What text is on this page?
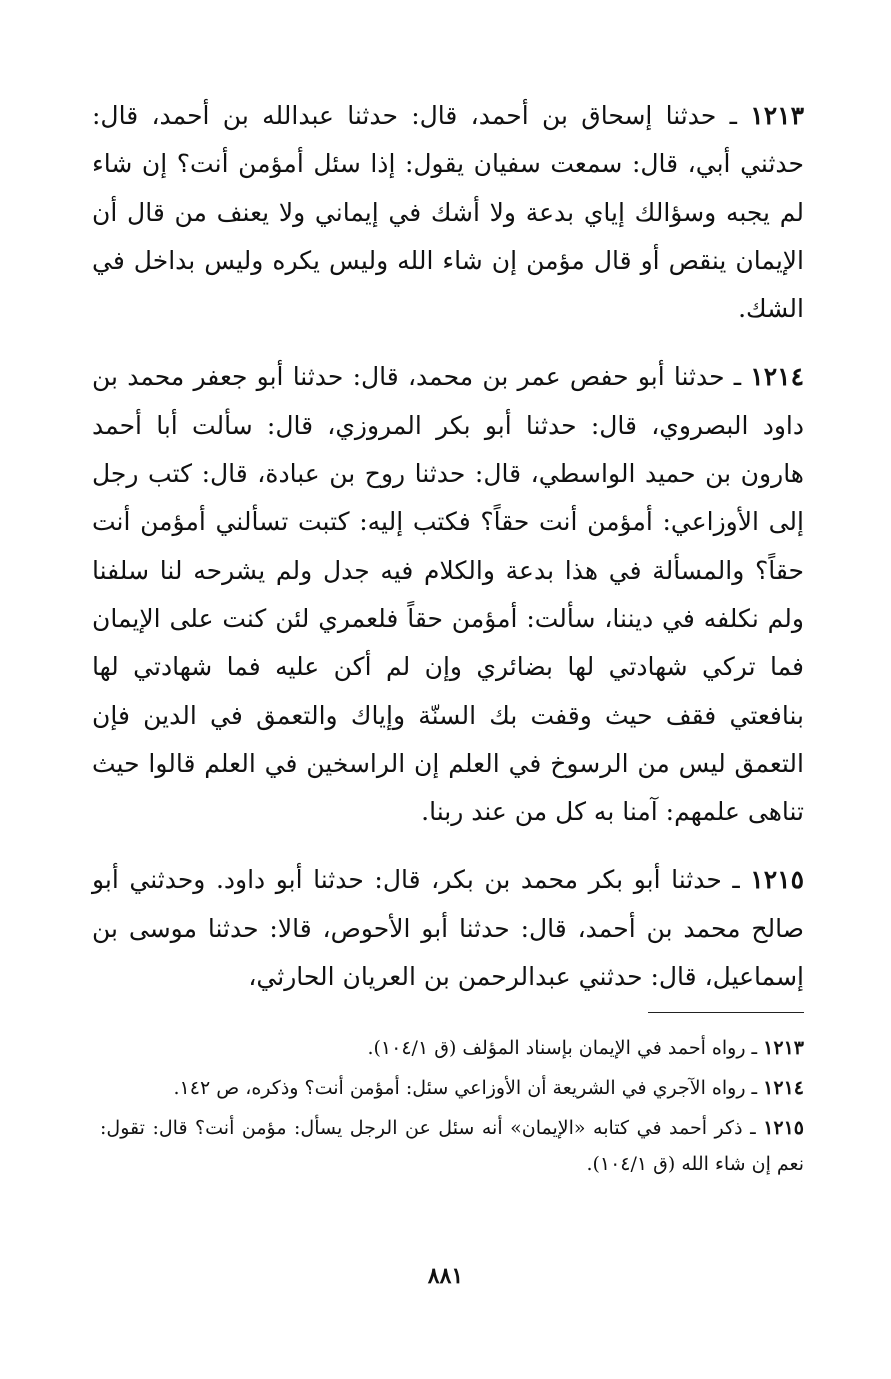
١٢١٣ ـ حدثنا إسحاق بن أحمد، قال: حدثنا عبدالله بن أحمد، قال: حدثني أبي، قال: سمعت سفيان يقول: إذا سئل أمؤمن أنت؟ إن شاء لم يجبه وسؤالك إياي بدعة ولا أشك في إيماني ولا يعنف من قال أن الإيمان ينقص أو قال مؤمن إن شاء الله وليس يكره وليس بداخل في الشك.

١٢١٤ ـ حدثنا أبو حفص عمر بن محمد، قال: حدثنا أبو جعفر محمد بن داود البصروي، قال: حدثنا أبو بكر المروزي، قال: سألت أبا أحمد هارون بن حميد الواسطي، قال: حدثنا روح بن عبادة، قال: كتب رجل إلى الأوزاعي: أمؤمن أنت حقاً؟ فكتب إليه: كتبت تسألني أمؤمن أنت حقاً؟ والمسألة في هذا بدعة والكلام فيه جدل ولم يشرحه لنا سلفنا ولم نكلفه في ديننا، سألت: أمؤمن حقاً فلعمري لئن كنت على الإيمان فما تركي شهادتي لها بضائري وإن لم أكن عليه فما شهادتي لها بنافعتي فقف حيث وقفت بك السنّة وإياك والتعمق في الدين فإن التعمق ليس من الرسوخ في العلم إن الراسخين في العلم قالوا حيث تناهى علمهم: آمنا به كل من عند ربنا.

١٢١٥ ـ حدثنا أبو بكر محمد بن بكر، قال: حدثنا أبو داود. وحدثني أبو صالح محمد بن أحمد، قال: حدثنا أبو الأحوص، قالا: حدثنا موسى بن إسماعيل، قال: حدثني عبدالرحمن بن العريان الحارثي،

١٢١٣ ـ رواه أحمد في الإيمان بإسناد المؤلف (ق ١٠٤/١).

١٢١٤ ـ رواه الآجري في الشريعة أن الأوزاعي سئل: أمؤمن أنت؟ وذكره، ص ١٤٢.

١٢١٥ ـ ذكر أحمد في كتابه «الإيمان» أنه سئل عن الرجل يسأل: مؤمن أنت؟ قال: تقول: نعم إن شاء الله (ق ١٠٤/١).

٨٨١
